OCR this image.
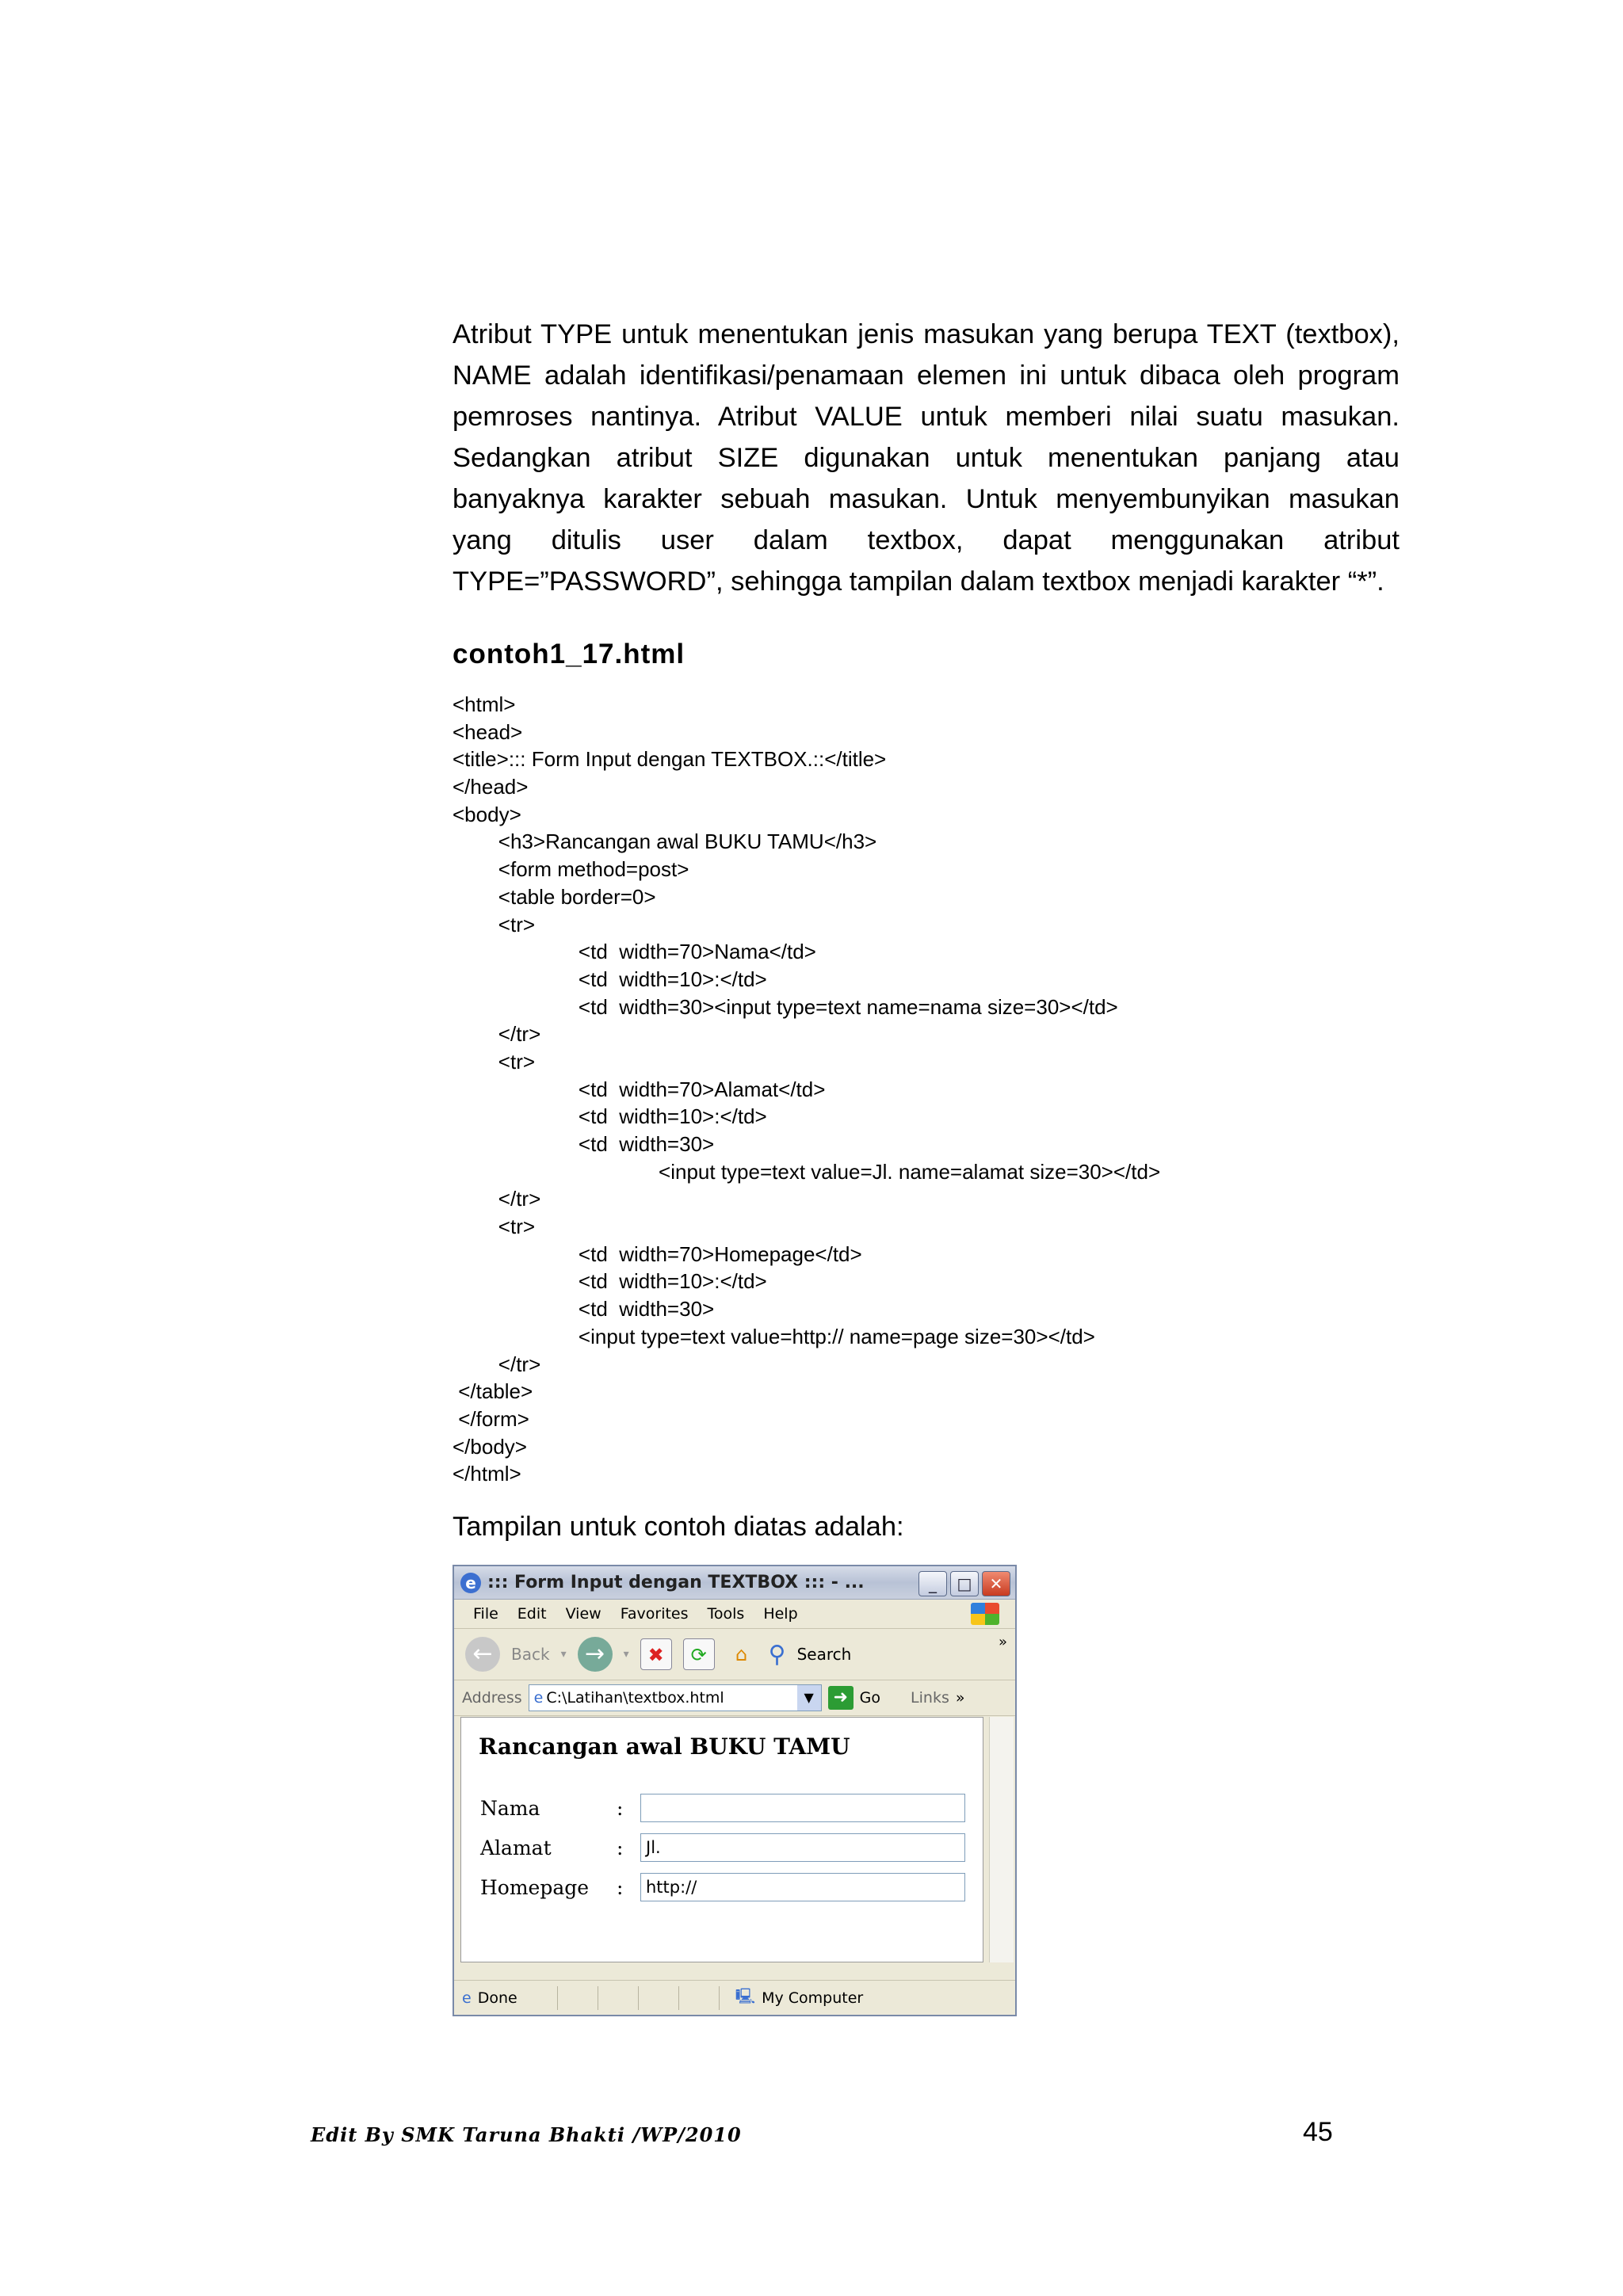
Atribut TYPE untuk menentukan jenis masukan yang berupa TEXT (textbox),
NAME adalah identifikasi/penamaan elemen ini untuk dibaca oleh program
pemroses nantinya. Atribut VALUE untuk memberi nilai suatu masukan.
Sedangkan atribut SIZE digunakan untuk menentukan panjang atau
banyaknya karakter sebuah masukan. Untuk menyembunyikan masukan
yang ditulis user dalam textbox, dapat menggunakan atribut
TYPE=”PASSWORD”, sehingga tampilan dalam textbox menjadi karakter “*”.
contoh1_17.html
<html>
<head>
<title>::: Form Input dengan TEXTBOX.::</title>
</head>
<body>
<h3>Rancangan awal BUKU TAMU</h3>
<form method=post>
<table border=0>
<tr>
<td  width=70>Nama</td>
<td  width=10>:</td>
<td  width=30><input type=text name=nama size=30></td>
</tr>
<tr>
<td  width=70>Alamat</td>
<td  width=10>:</td>
<td  width=30>
<input type=text value=Jl. name=alamat size=30></td>
</tr>
<tr>
<td  width=70>Homepage</td>
<td  width=10>:</td>
<td  width=30>
<input type=text value=http:// name=page size=30></td>
</tr>
</table>
</form>
</body>
</html>
Tampilan untuk contoh diatas adalah:
e ::: Form Input dengan TEXTBOX ::: - ...	_	□	✕
File Edit View Favorites Tools Help
←	Back ▾ →	▾ ✖	⟳	⌂ ⚲ Search
»
Address e C:\Latihan\textbox.html	▼	➜ Go Links »
Rancangan awal BUKU TAMU
Nama	:
Alamat	:	Jl.
Homepage :	http://
e Done	🖳 My Computer
Edit By SMK Taruna Bhakti /WP/2010	45
